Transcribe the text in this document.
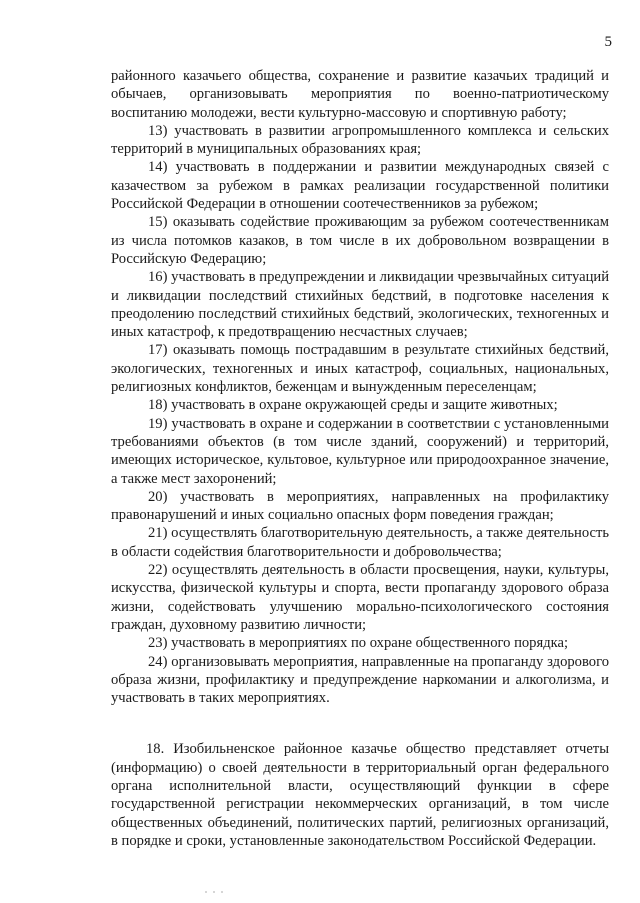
5

районного казачьего общества, сохранение и развитие казачьих традиций и обычаев, организовывать мероприятия по военно-патриотическому воспитанию молодежи, вести культурно-массовую и спортивную работу;

13) участвовать в развитии агропромышленного комплекса и сельских территорий в муниципальных образованиях края;

14) участвовать в поддержании и развитии международных связей с казачеством за рубежом в рамках реализации государственной политики Российской Федерации в отношении соотечественников за рубежом;

15) оказывать содействие проживающим за рубежом соотечественникам из числа потомков казаков, в том числе в их добровольном возвращении в Российскую Федерацию;

16) участвовать в предупреждении и ликвидации чрезвычайных ситуаций и ликвидации последствий стихийных бедствий, в подготовке населения к преодолению последствий стихийных бедствий, экологических, техногенных и иных катастроф, к предотвращению несчастных случаев;

17) оказывать помощь пострадавшим в результате стихийных бедствий, экологических, техногенных и иных катастроф, социальных, национальных, религиозных конфликтов, беженцам и вынужденным переселенцам;

18) участвовать в охране окружающей среды и защите животных;

19) участвовать в охране и содержании в соответствии с установленными требованиями объектов (в том числе зданий, сооружений) и территорий, имеющих историческое, культовое, культурное или природоохранное значение, а также мест захоронений;

20) участвовать в мероприятиях, направленных на профилактику правонарушений и иных социально опасных форм поведения граждан;

21) осуществлять благотворительную деятельность, а также деятельность в области содействия благотворительности и добровольчества;

22) осуществлять деятельность в области просвещения, науки, культуры, искусства, физической культуры и спорта, вести пропаганду здорового образа жизни, содействовать улучшению морально-психологического состояния граждан, духовному развитию личности;

23) участвовать в мероприятиях по охране общественного порядка;

24) организовывать мероприятия, направленные на пропаганду здорового образа жизни, профилактику и предупреждение наркомании и алкоголизма, и участвовать в таких мероприятиях.

18. Изобильненское районное казачье общество представляет отчеты (информацию) о своей деятельности в территориальный орган федерального органа исполнительной власти, осуществляющий функции в сфере государственной регистрации некоммерческих организаций, в том числе общественных объединений, политических партий, религиозных организаций, в порядке и сроки, установленные законодательством Российской Федерации.
